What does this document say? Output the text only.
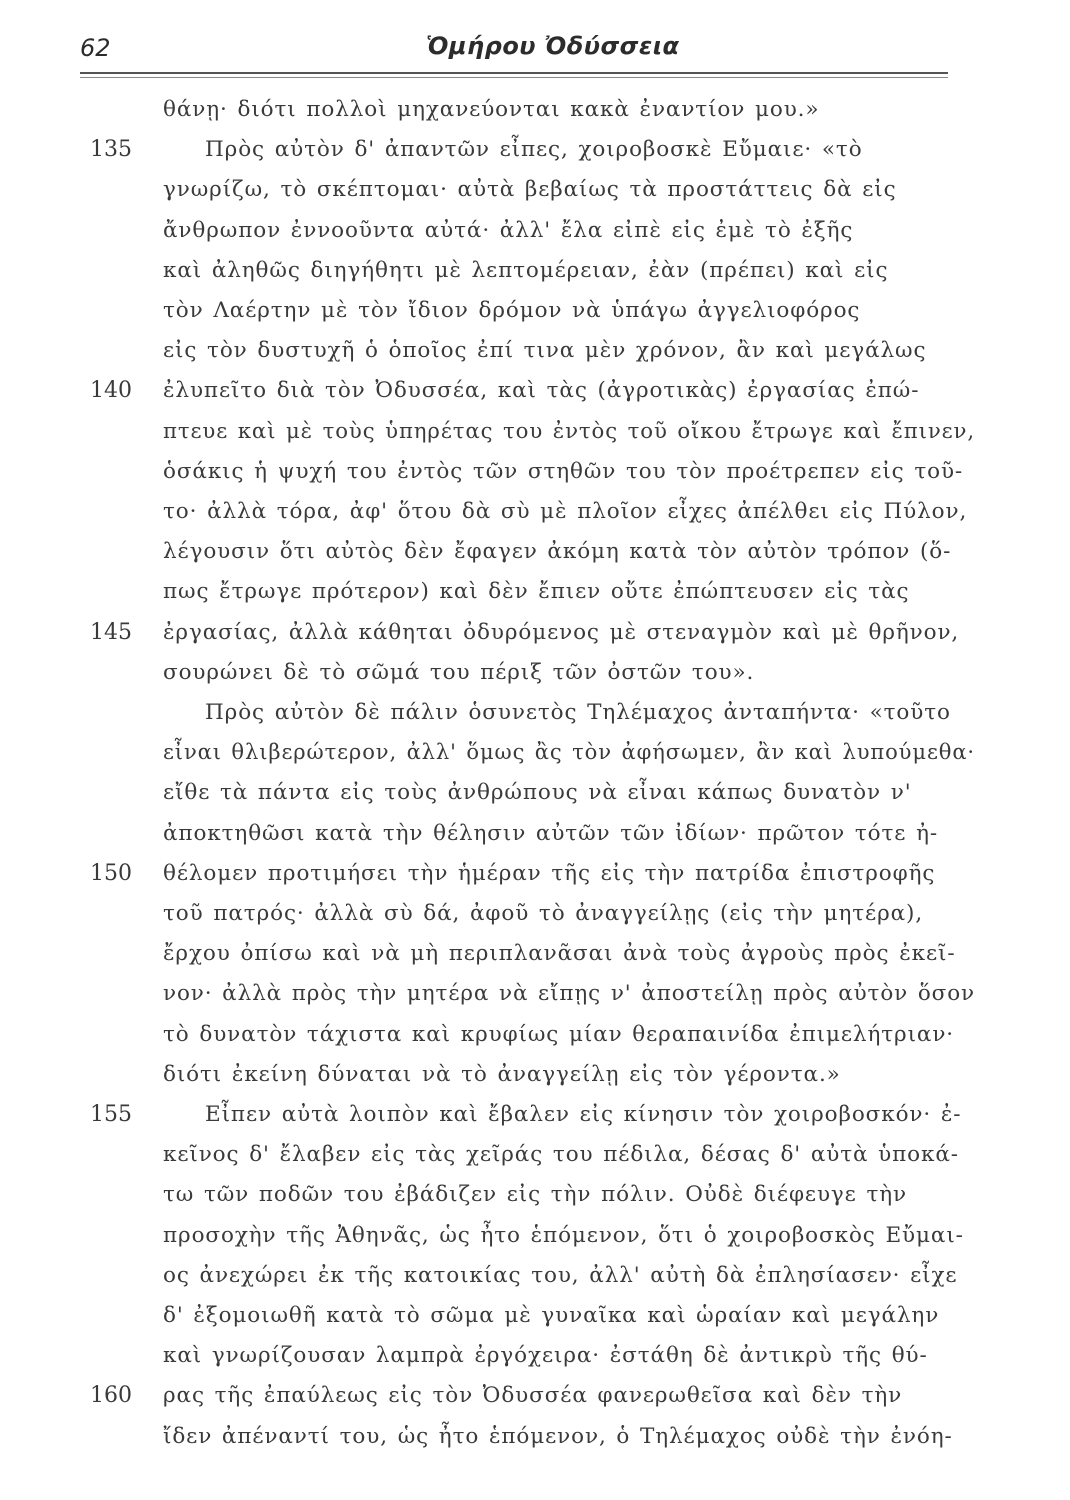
62	Ὁμήρου Ὀδύσσεια
135
140
145
150
155
160
θάνῃ· διότι πολλοὶ μηχανεύονται κακὰ ἐναντίον μου.»
Πρὸς αὐτὸν δ' ἀπαντῶν εἶπες, χοιροβοσκὲ Εὔμαιε· «τὸ
γνωρίζω, τὸ σκέπτομαι· αὐτὰ βεβαίως τὰ προστάττεις δὰ εἰς
ἄνθρωπον ἐννοοῦντα αὐτά· ἀλλ' ἔλα εἰπὲ εἰς ἐμὲ τὸ ἐξῆς
καὶ ἀληθῶς διηγήθητι μὲ λεπτομέρειαν, ἐὰν (πρέπει) καὶ εἰς
τὸν Λαέρτην μὲ τὸν ἴδιον δρόμον νὰ ὑπάγω ἀγγελιοφόρος
εἰς τὸν δυστυχῆ ὁ ὁποῖος ἐπί τινα μὲν χρόνον, ἂν καὶ μεγάλως
ἐλυπεῖτο διὰ τὸν Ὀδυσσέα, καὶ τὰς (ἀγροτικὰς) ἐργασίας ἐπώ-
πτευε καὶ μὲ τοὺς ὑπηρέτας του ἐντὸς τοῦ οἴκου ἔτρωγε καὶ ἔπινεν,
ὁσάκις ἡ ψυχή του ἐντὸς τῶν στηθῶν του τὸν προέτρεπεν εἰς τοῦ-
το· ἀλλὰ τόρα, ἀφ' ὅτου δὰ σὺ μὲ πλοῖον εἶχες ἀπέλθει εἰς Πύλον,
λέγουσιν ὅτι αὐτὸς δὲν ἔφαγεν ἀκόμη κατὰ τὸν αὐτὸν τρόπον (ὅ-
πως ἔτρωγε πρότερον) καὶ δὲν ἔπιεν οὔτε ἐπώπτευσεν εἰς τὰς
ἐργασίας, ἀλλὰ κάθηται ὀδυρόμενος μὲ στεναγμὸν καὶ μὲ θρῆνον,
σουρώνει δὲ τὸ σῶμά του πέριξ τῶν ὀστῶν του».
Πρὸς αὐτὸν δὲ πάλιν ὁσυνετὸς Τηλέμαχος ἀνταπήντα· «τοῦτο
εἶναι θλιβερώτερον, ἀλλ' ὅμως ἂς τὸν ἀφήσωμεν, ἂν καὶ λυπούμεθα·
εἴθε τὰ πάντα εἰς τοὺς ἀνθρώπους νὰ εἶναι κάπως δυνατὸν ν'
ἀποκτηθῶσι κατὰ τὴν θέλησιν αὐτῶν τῶν ἰδίων· πρῶτον τότε ἠ-
θέλομεν προτιμήσει τὴν ἡμέραν τῆς εἰς τὴν πατρίδα ἐπιστροφῆς
τοῦ πατρός· ἀλλὰ σὺ δά, ἀφοῦ τὸ ἀναγγείλῃς (εἰς τὴν μητέρα),
ἔρχου ὀπίσω καὶ νὰ μὴ περιπλανᾶσαι ἀνὰ τοὺς ἀγροὺς πρὸς ἐκεῖ-
νον· ἀλλὰ πρὸς τὴν μητέρα νὰ εἴπῃς ν' ἀποστείλῃ πρὸς αὐτὸν ὅσον
τὸ δυνατὸν τάχιστα καὶ κρυφίως μίαν θεραπαινίδα ἐπιμελήτριαν·
διότι ἐκείνη δύναται νὰ τὸ ἀναγγείλῃ εἰς τὸν γέροντα.»
Εἶπεν αὐτὰ λοιπὸν καὶ ἔβαλεν εἰς κίνησιν τὸν χοιροβοσκόν· ἐ-
κεῖνος δ' ἔλαβεν εἰς τὰς χεῖράς του πέδιλα, δέσας δ' αὐτὰ ὑποκά-
τω τῶν ποδῶν του ἐβάδιζεν εἰς τὴν πόλιν. Οὐδὲ διέφευγε τὴν
προσοχὴν τῆς Ἀθηνᾶς, ὡς ἦτο ἑπόμενον, ὅτι ὁ χοιροβοσκὸς Εὔμαι-
ος ἀνεχώρει ἐκ τῆς κατοικίας του, ἀλλ' αὐτὴ δὰ ἐπλησίασεν· εἶχε
δ' ἐξομοιωθῆ κατὰ τὸ σῶμα μὲ γυναῖκα καὶ ὡραίαν καὶ μεγάλην
καὶ γνωρίζουσαν λαμπρὰ ἐργόχειρα· ἐστάθη δὲ ἀντικρὺ τῆς θύ-
ρας τῆς ἐπαύλεως εἰς τὸν Ὀδυσσέα φανερωθεῖσα καὶ δὲν τὴν
ἴδεν ἀπέναντί του, ὡς ἦτο ἑπόμενον, ὁ Τηλέμαχος οὐδὲ τὴν ἐνόη-
